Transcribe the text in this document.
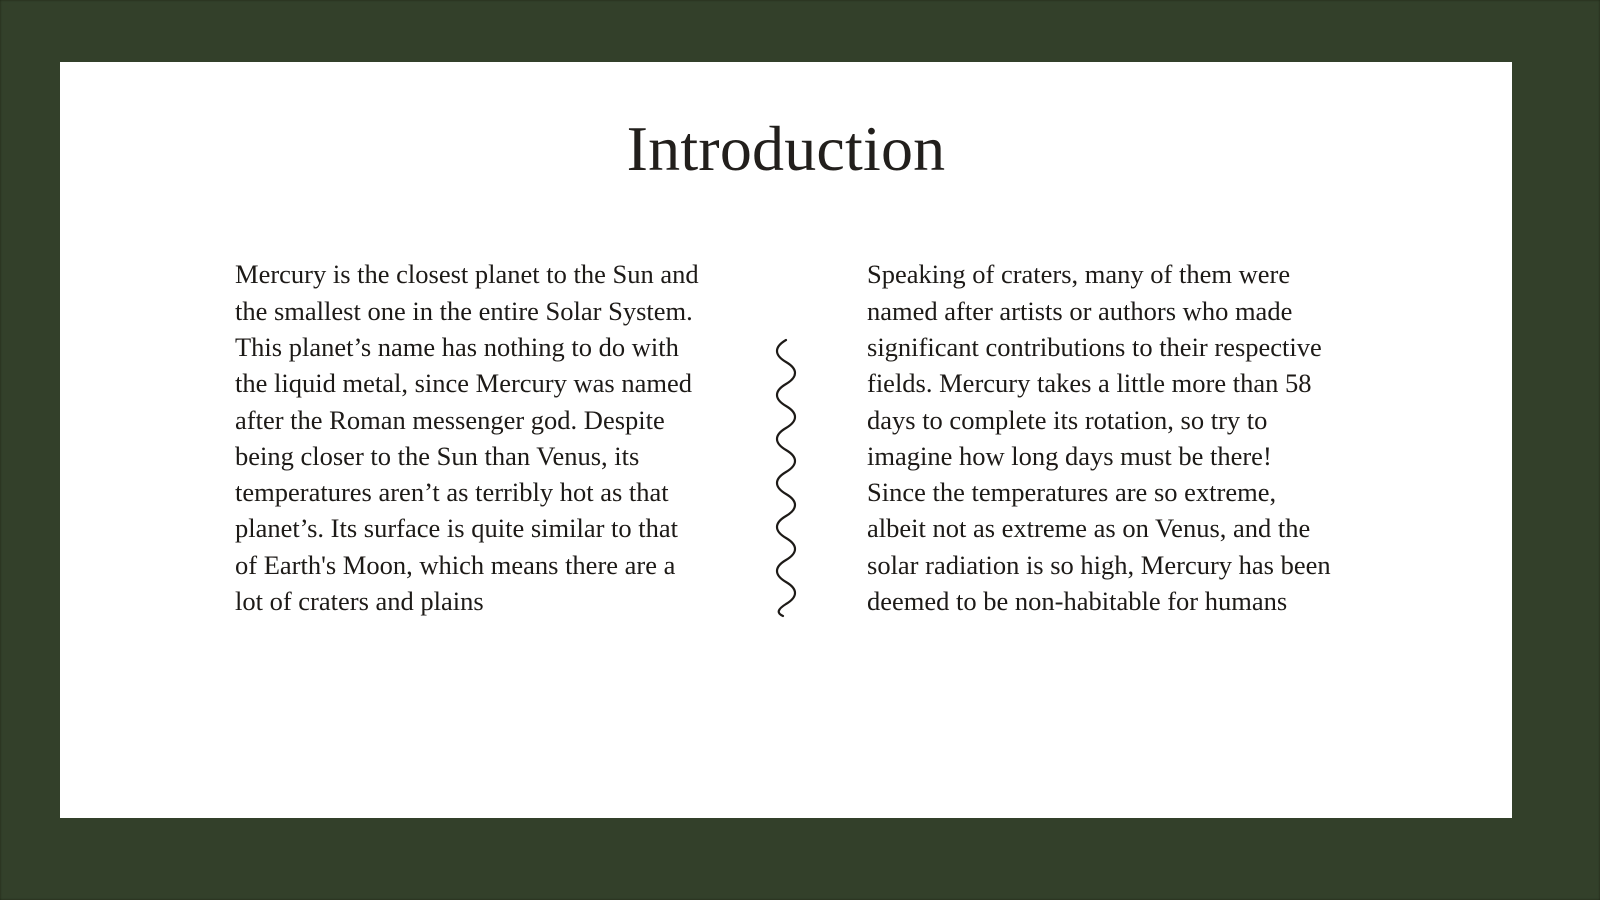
Introduction

Mercury is the closest planet to the Sun and the smallest one in the entire Solar System. This planet’s name has nothing to do with the liquid metal, since Mercury was named after the Roman messenger god. Despite being closer to the Sun than Venus, its temperatures aren’t as terribly hot as that planet’s. Its surface is quite similar to that of Earth's Moon, which means there are a lot of craters and plains

Speaking of craters, many of them were named after artists or authors who made significant contributions to their respective fields. Mercury takes a little more than 58 days to complete its rotation, so try to imagine how long days must be there! Since the temperatures are so extreme, albeit not as extreme as on Venus, and the solar radiation is so high, Mercury has been deemed to be non-habitable for humans
